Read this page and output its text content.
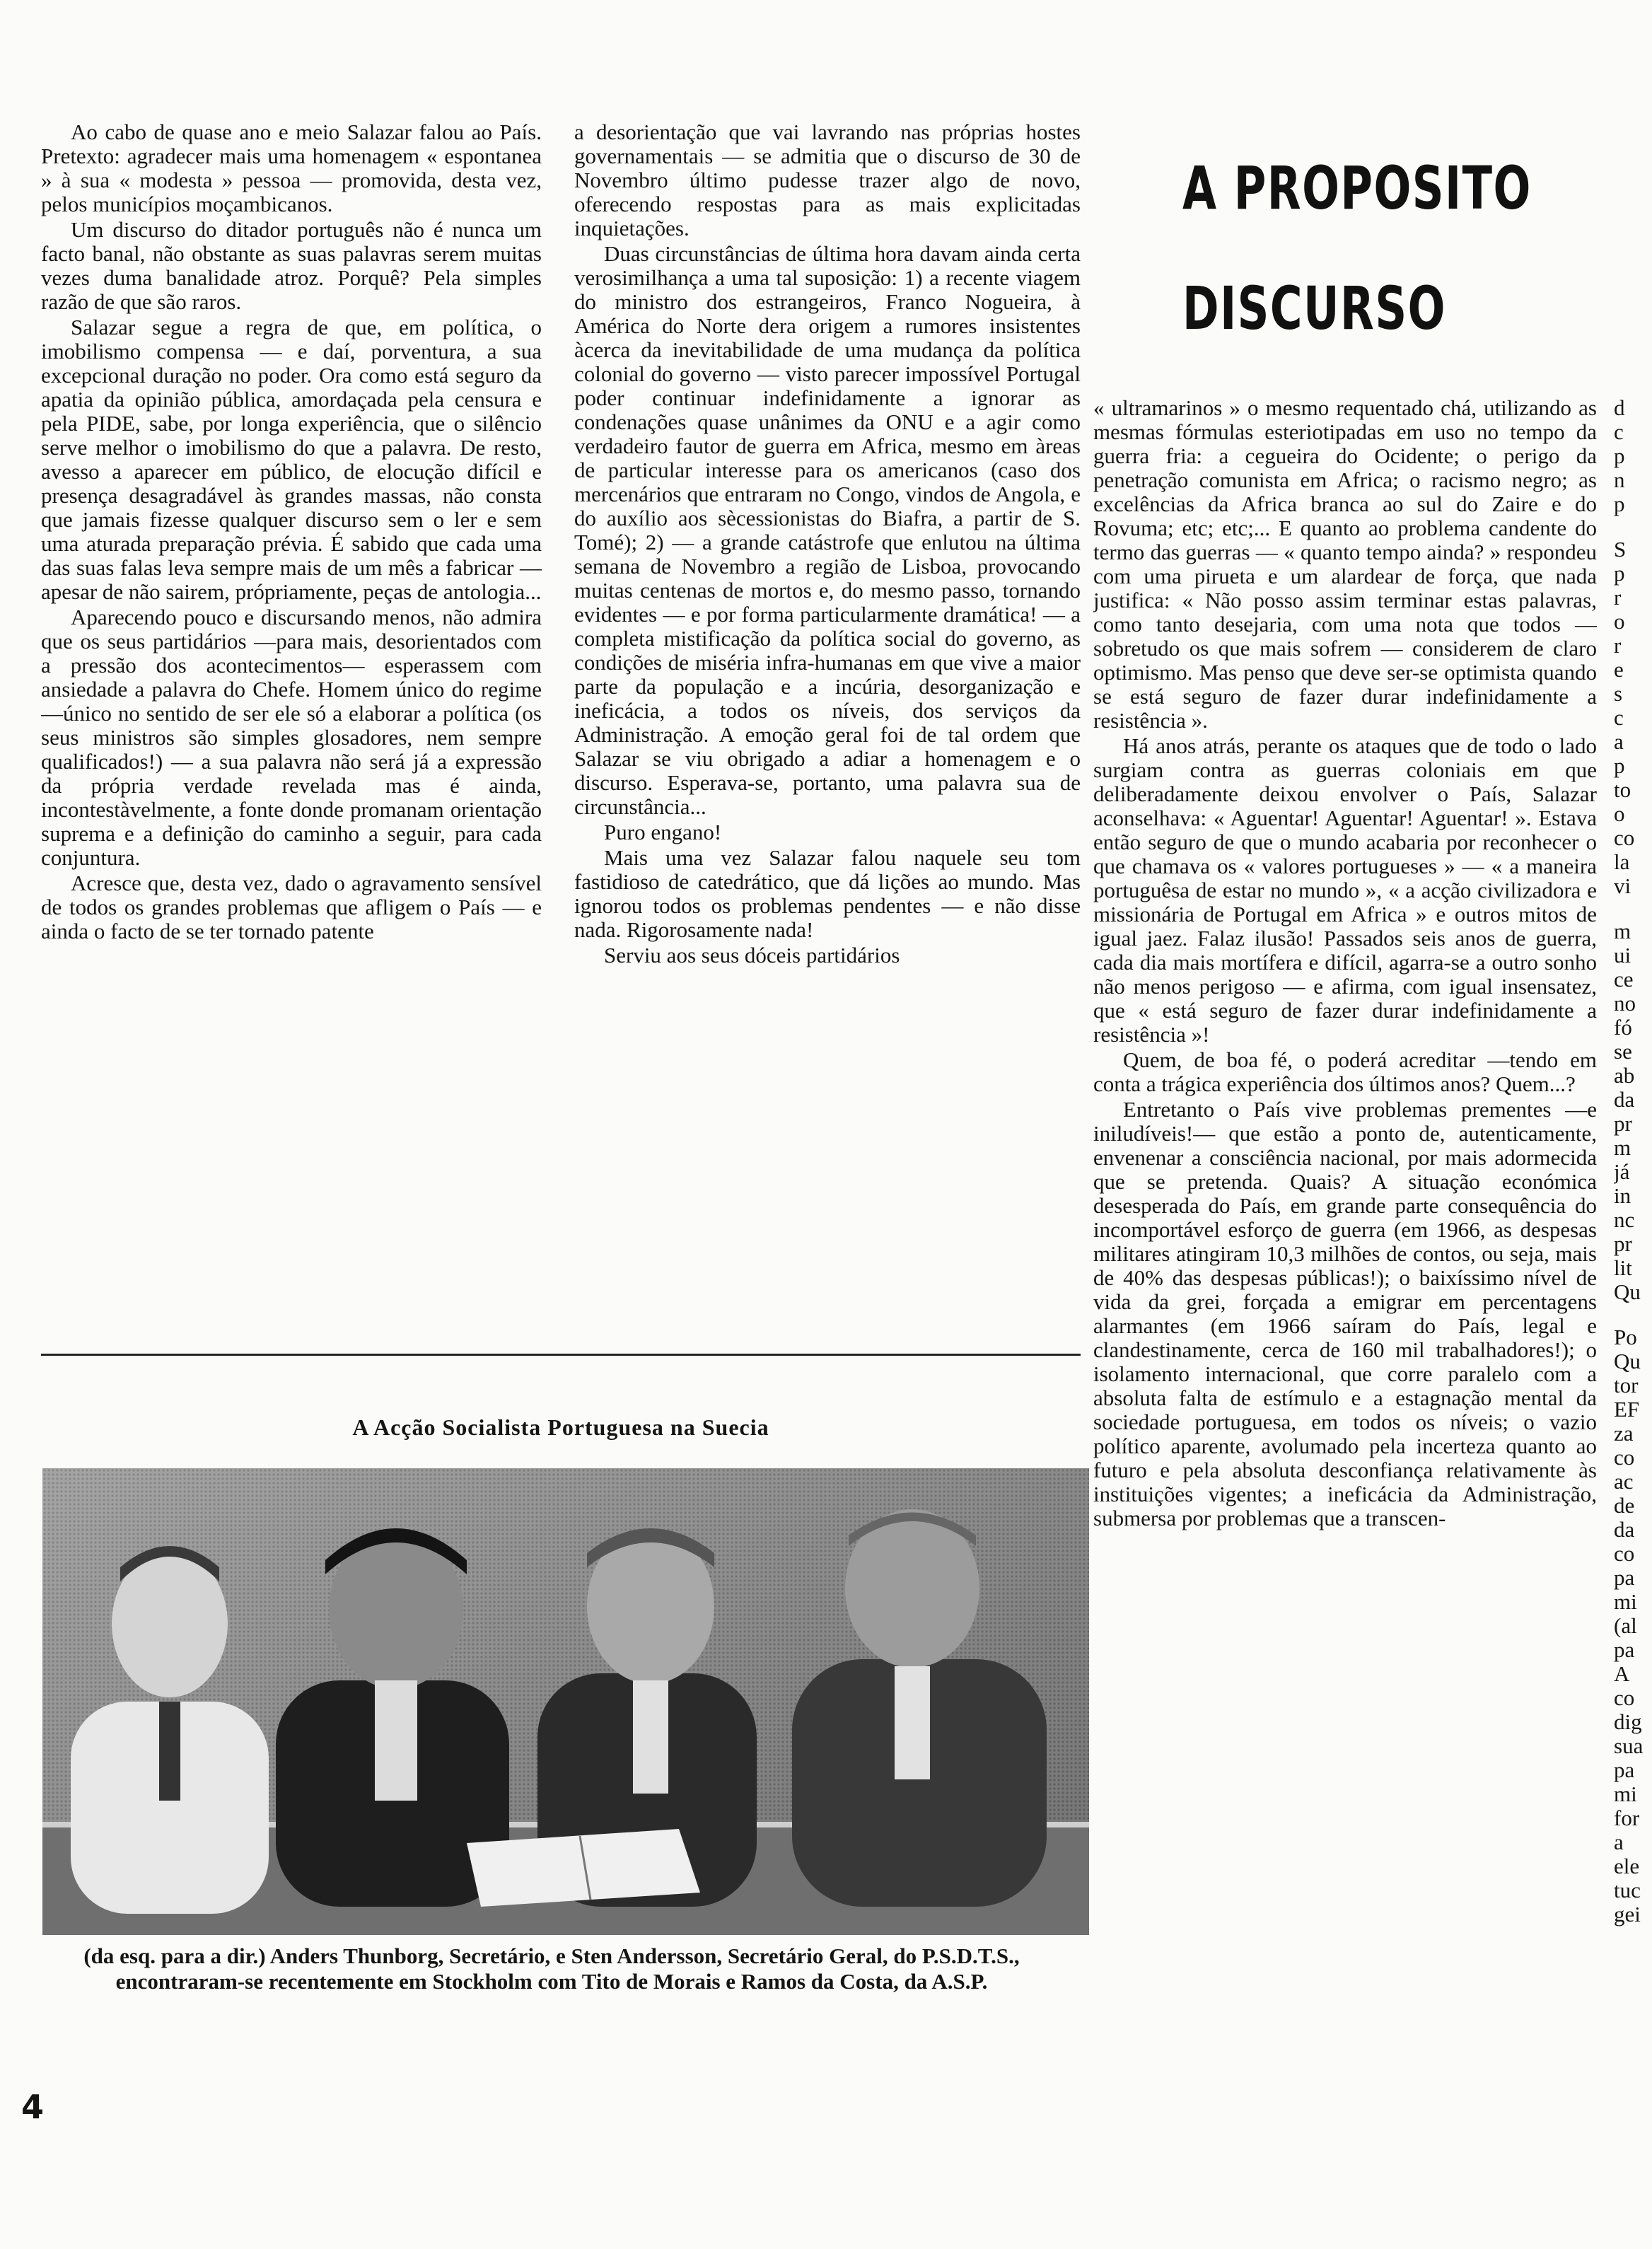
A PROPOSITO
DISCURSO

Ao cabo de quase ano e meio Salazar falou ao País. Pretexto: agradecer mais uma homenagem « espontanea » à sua « modesta » pessoa — promovida, desta vez, pelos municípios moçambicanos.

Um discurso do ditador português não é nunca um facto banal, não obstante as suas palavras serem muitas vezes duma banalidade atroz. Porquê? Pela simples razão de que são raros.

Salazar segue a regra de que, em política, o imobilismo compensa — e daí, porventura, a sua excepcional duração no poder. Ora como está seguro da apatia da opinião pública, amordaçada pela censura e pela PIDE, sabe, por longa experiência, que o silêncio serve melhor o imobilismo do que a palavra. De resto, avesso a aparecer em público, de elocução difícil e presença desagradável às grandes massas, não consta que jamais fizesse qualquer discurso sem o ler e sem uma aturada preparação prévia. É sabido que cada uma das suas falas leva sempre mais de um mês a fabricar — apesar de não sairem, própriamente, peças de antologia...

Aparecendo pouco e discursando menos, não admira que os seus partidários —para mais, desorientados com a pressão dos acontecimentos— esperassem com ansiedade a palavra do Chefe. Homem único do regime —único no sentido de ser ele só a elaborar a política (os seus ministros são simples glosadores, nem sempre qualificados!) — a sua palavra não será já a expressão da própria verdade revelada mas é ainda, incontestàvelmente, a fonte donde promanam orientação suprema e a definição do caminho a seguir, para cada conjuntura.

Acresce que, desta vez, dado o agravamento sensível de todos os grandes problemas que afligem o País — e ainda o facto de se ter tornado patente

a desorientação que vai lavrando nas próprias hostes governamentais — se admitia que o discurso de 30 de Novembro último pudesse trazer algo de novo, oferecendo respostas para as mais explicitadas inquietações.

Duas circunstâncias de última hora davam ainda certa verosimilhança a uma tal suposição: 1) a recente viagem do ministro dos estrangeiros, Franco Nogueira, à América do Norte dera origem a rumores insistentes àcerca da inevitabilidade de uma mudança da política colonial do governo — visto parecer impossível Portugal poder continuar indefinidamente a ignorar as condenações quase unânimes da ONU e a agir como verdadeiro fautor de guerra em Africa, mesmo em àreas de particular interesse para os americanos (caso dos mercenários que entraram no Congo, vindos de Angola, e do auxílio aos sècessionistas do Biafra, a partir de S. Tomé); 2) — a grande catástrofe que enlutou na última semana de Novembro a região de Lisboa, provocando muitas centenas de mortos e, do mesmo passo, tornando evidentes — e por forma particularmente dramática! — a completa mistificação da política social do governo, as condições de miséria infra-humanas em que vive a maior parte da população e a incúria, desorganização e ineficácia, a todos os níveis, dos serviços da Administração. A emoção geral foi de tal ordem que Salazar se viu obrigado a adiar a homenagem e o discurso. Esperava-se, portanto, uma palavra sua de circunstância...

Puro engano!

Mais uma vez Salazar falou naquele seu tom fastidioso de catedrático, que dá lições ao mundo. Mas ignorou todos os problemas pendentes — e não disse nada. Rigorosamente nada!

Serviu aos seus dóceis partidários

« ultramarinos » o mesmo requentado chá, utilizando as mesmas fórmulas esteriotipadas em uso no tempo da guerra fria: a cegueira do Ocidente; o perigo da penetração comunista em Africa; o racismo negro; as excelências da Africa branca ao sul do Zaire e do Rovuma; etc; etc;... E quanto ao problema candente do termo das guerras — « quanto tempo ainda? » respondeu com uma pirueta e um alardear de força, que nada justifica: « Não posso assim terminar estas palavras, como tanto desejaria, com uma nota que todos — sobretudo os que mais sofrem — considerem de claro optimismo. Mas penso que deve ser-se optimista quando se está seguro de fazer durar indefinidamente a resistência ».

Há anos atrás, perante os ataques que de todo o lado surgiam contra as guerras coloniais em que deliberadamente deixou envolver o País, Salazar aconselhava: « Aguentar! Aguentar! Aguentar! ». Estava então seguro de que o mundo acabaria por reconhecer o que chamava os « valores portugueses » — « a maneira portuguêsa de estar no mundo », « a acção civilizadora e missionária de Portugal em Africa » e outros mitos de igual jaez. Falaz ilusão! Passados seis anos de guerra, cada dia mais mortífera e difícil, agarra-se a outro sonho não menos perigoso — e afirma, com igual insensatez, que « está seguro de fazer durar indefinidamente a resistência »!

Quem, de boa fé, o poderá acreditar —tendo em conta a trágica experiência dos últimos anos? Quem...?

Entretanto o País vive problemas prementes —e iniludíveis!— que estão a ponto de, autenticamente, envenenar a consciência nacional, por mais adormecida que se pretenda. Quais? A situação económica desesperada do País, em grande parte consequência do incomportável esforço de guerra (em 1966, as despesas militares atingiram 10,3 milhões de contos, ou seja, mais de 40% das despesas públicas!); o baixíssimo nível de vida da grei, forçada a emigrar em percentagens alarmantes (em 1966 saíram do País, legal e clandestinamente, cerca de 160 mil trabalhadores!); o isolamento internacional, que corre paralelo com a absoluta falta de estímulo e a estagnação mental da sociedade portuguesa, em todos os níveis; o vazio político aparente, avolumado pela incerteza quanto ao futuro e pela absoluta desconfiança relativamente às instituições vigentes; a ineficácia da Administração, submersa por problemas que a transcen-

d
c
p
n
p
S
p
r
o
r
e
s
c
a
p
to
o
co
la
vi
m
ui
ce
no
fó
se
ab
da
pr
m
já
in
nc
pr
lit
Qu
Po
Qu
tor
EF
za
co
ac
de
da
co
pa
mi
(al
pa
A
co
dig
sua
pa
mi
for
a
ele
tuc
gei
A Acção Socialista Portuguesa na Suecia
(da esq. para a dir.) Anders Thunborg, Secretário, e Sten Andersson, Secretário Geral, do P.S.D.T.S., encontraram-se recentemente em Stockholm com Tito de Morais e Ramos da Costa, da A.S.P.
4
